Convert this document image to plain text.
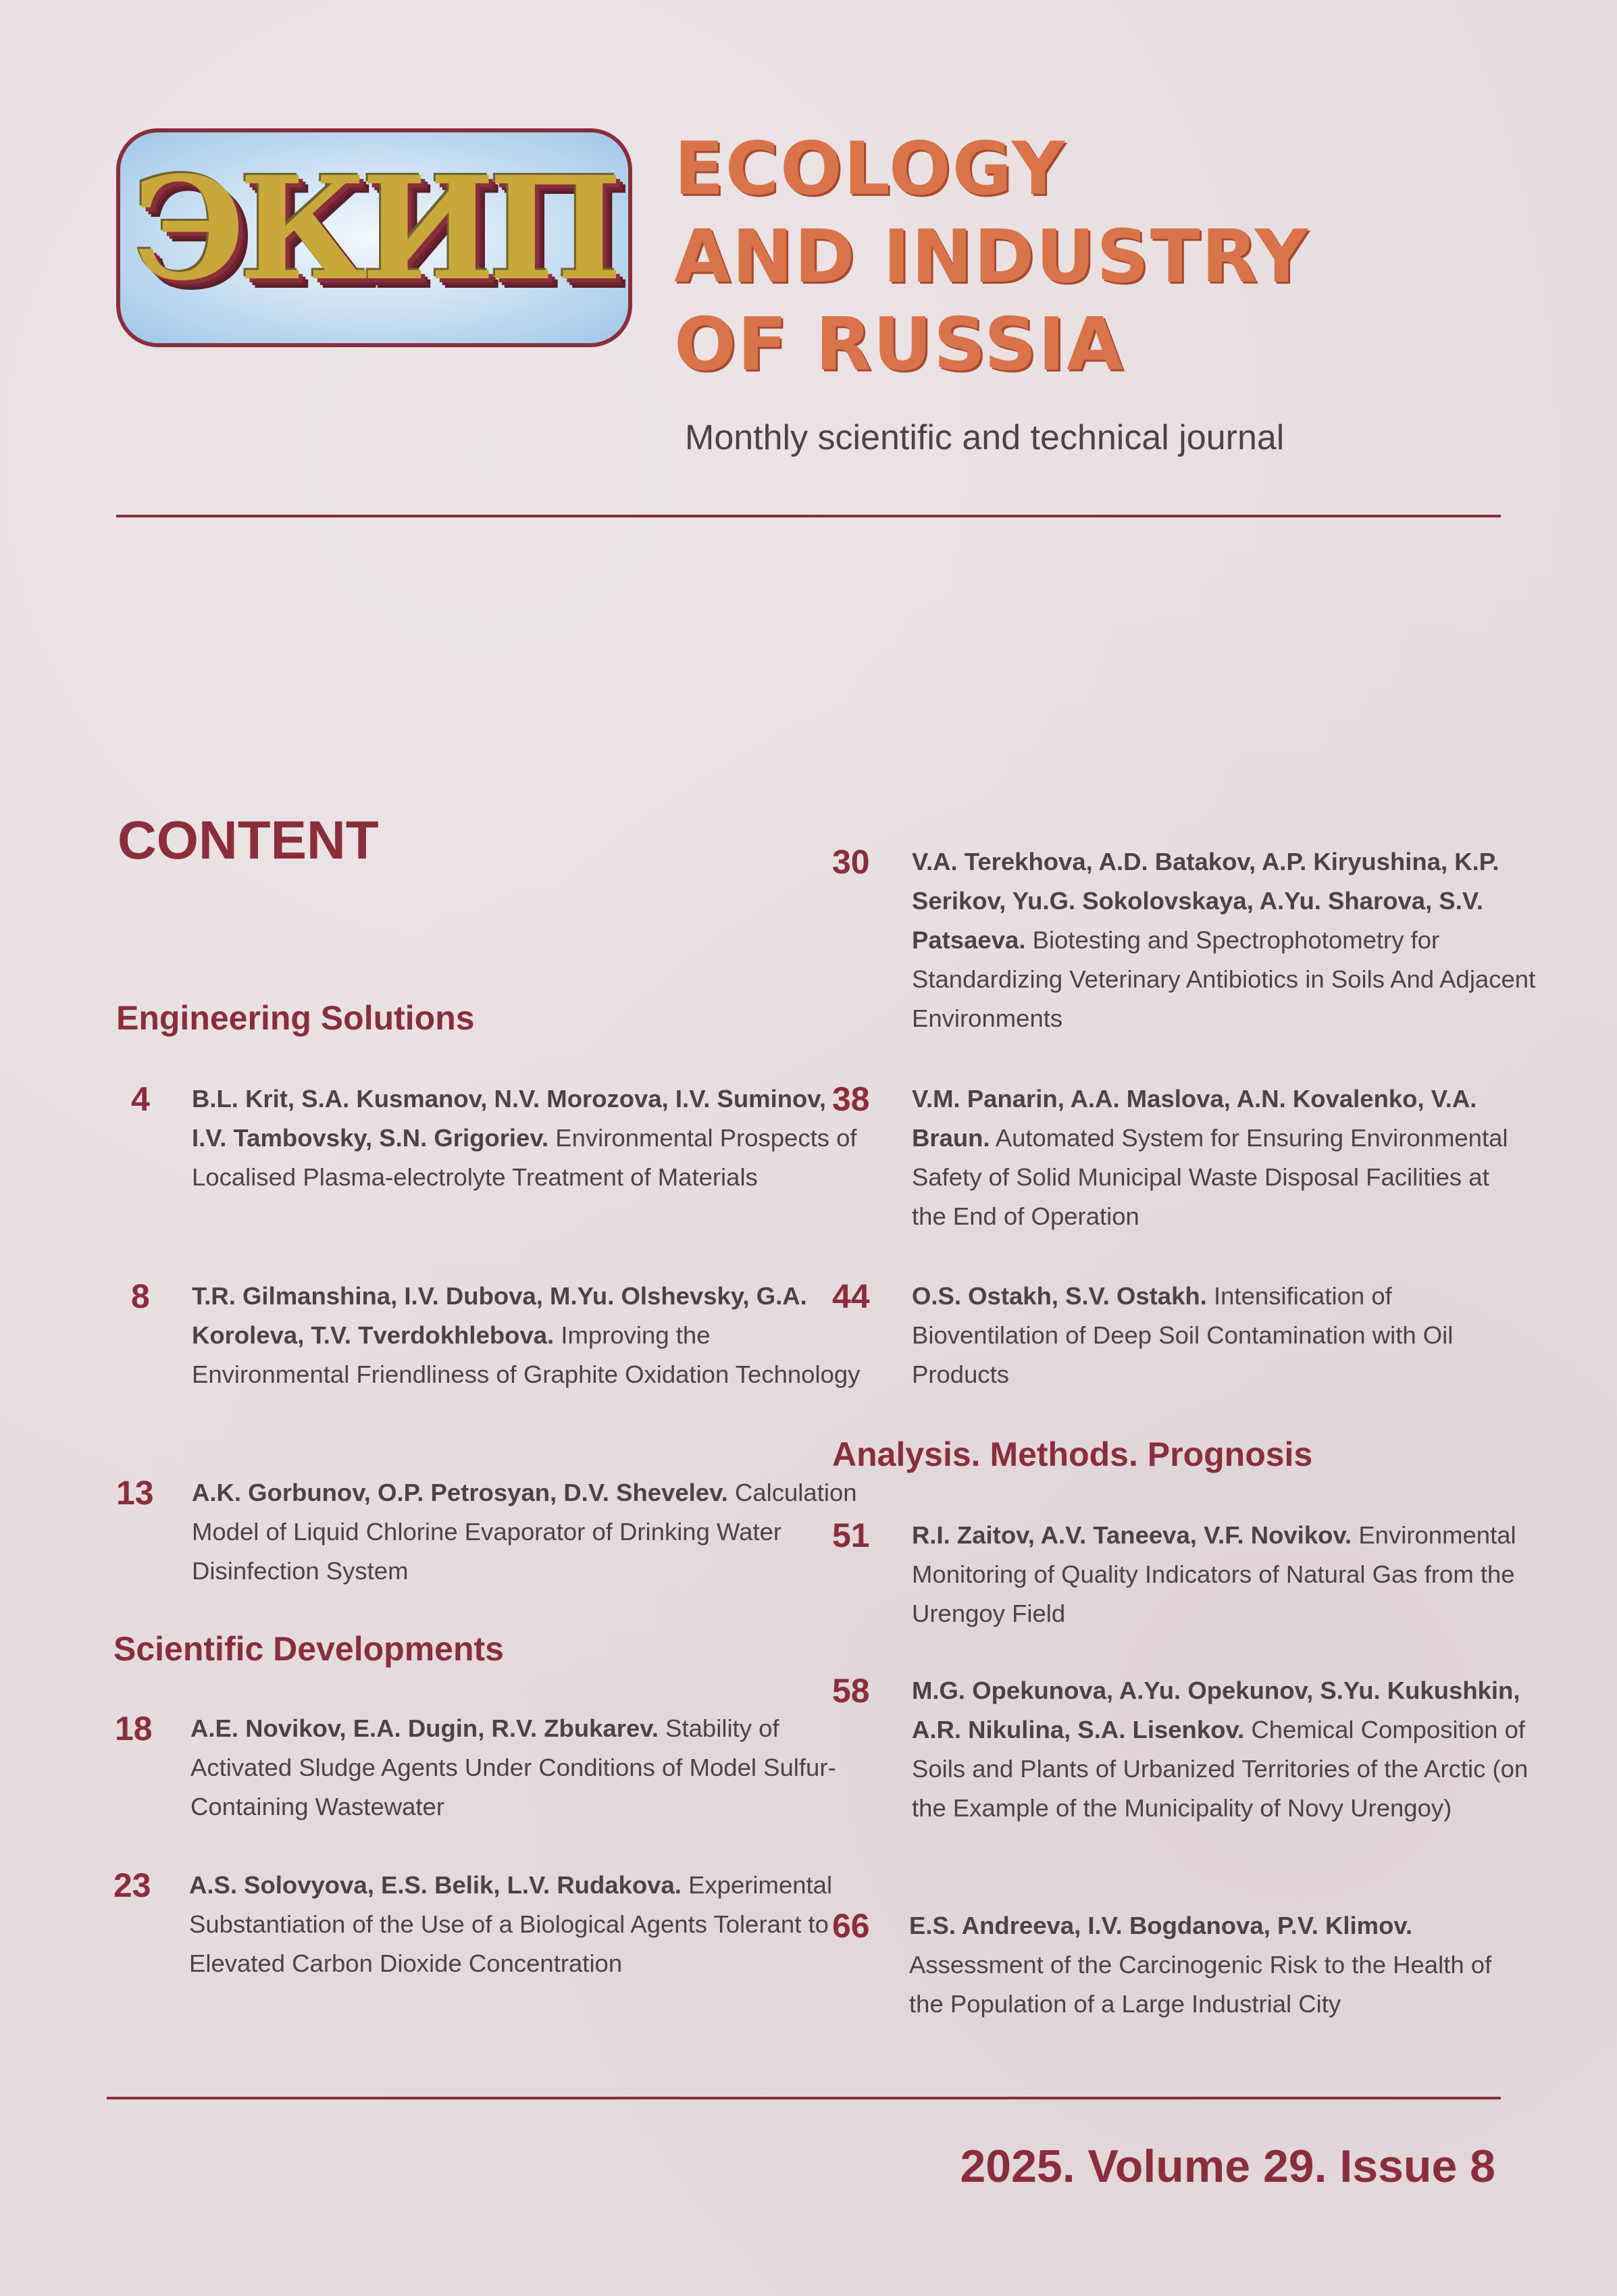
ЭКИП ECOLOGY
AND INDUSTRY
OF RUSSIA
Monthly scientific and technical journal
CONTENT
Engineering Solutions
4 B.L. Krit, S.A. Kusmanov, N.V. Morozova, I.V. Suminov, I.V. Tambovsky, S.N. Grigoriev. Environmental Prospects of Localised Plasma-electrolyte Treatment of Materials
8 T.R. Gilmanshina, I.V. Dubova, M.Yu. Olshevsky, G.A. Koroleva, T.V. Tverdokhlebova. Improving the Environmental Friendliness of Graphite Oxidation Technology
13 A.K. Gorbunov, O.P. Petrosyan, D.V. Shevelev. Calculation Model of Liquid Chlorine Evaporator of Drinking Water Disinfection System
Scientific Developments
18 A.E. Novikov, E.A. Dugin, R.V. Zbukarev. Stability of Activated Sludge Agents Under Conditions of Model Sulfur-Containing Wastewater
23 A.S. Solovyova, E.S. Belik, L.V. Rudakova. Experimental Substantiation of the Use of a Biological Agents Tolerant to Elevated Carbon Dioxide Concentration
30 V.A. Terekhova, A.D. Batakov, A.P. Kiryushina, K.P. Serikov, Yu.G. Sokolovskaya, A.Yu. Sharova, S.V. Patsaeva. Biotesting and Spectrophotometry for Standardizing Veterinary Antibiotics in Soils And Adjacent Environments
38 V.M. Panarin, A.A. Maslova, A.N. Kovalenko, V.A. Braun. Automated System for Ensuring Environmental Safety of Solid Municipal Waste Disposal Facilities at the End of Operation
44 O.S. Ostakh, S.V. Ostakh. Intensification of Bioventilation of Deep Soil Contamination with Oil Products
Analysis. Methods. Prognosis
51 R.I. Zaitov, A.V. Taneeva, V.F. Novikov. Environmental Monitoring of Quality Indicators of Natural Gas from the Urengoy Field
58 M.G. Opekunova, A.Yu. Opekunov, S.Yu. Kukushkin, A.R. Nikulina, S.A. Lisenkov. Chemical Composition of Soils and Plants of Urbanized Territories of the Arctic (on the Example of the Municipality of Novy Urengoy)
66 E.S. Andreeva, I.V. Bogdanova, P.V. Klimov. Assessment of the Carcinogenic Risk to the Health of the Population of a Large Industrial City
2025. Volume 29. Issue 8
